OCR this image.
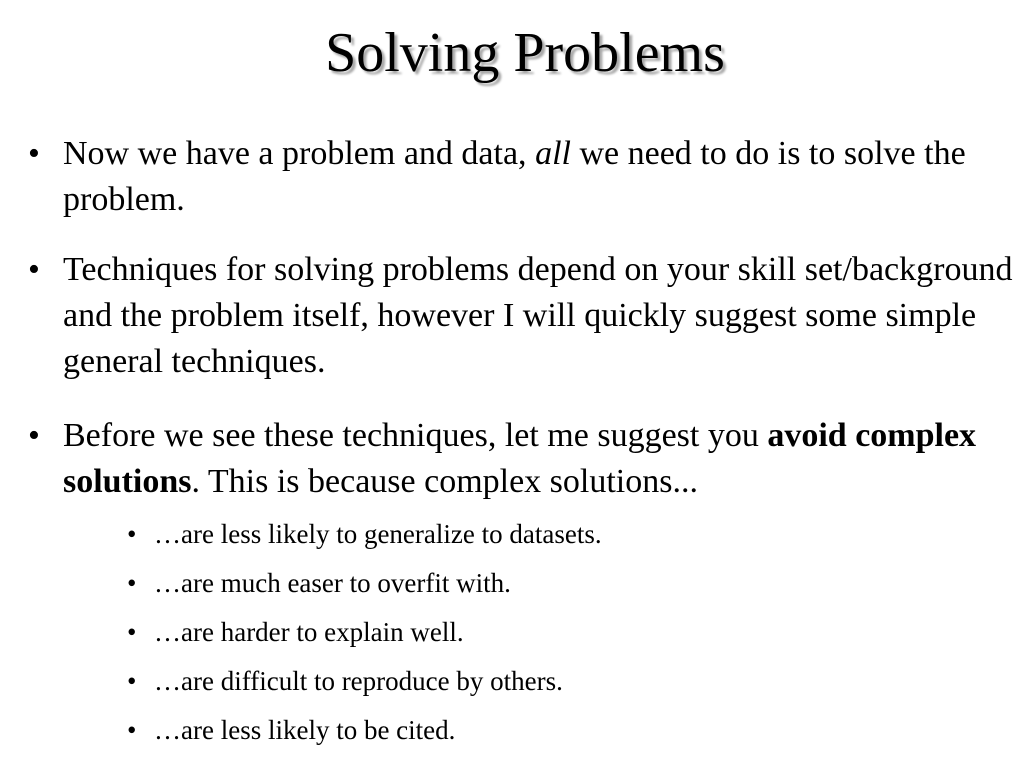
Solving Problems
• Now we have a problem and data, all we need to do is to solve the problem.
• Techniques for solving problems depend on your skill set/background and the problem itself, however I will quickly suggest some simple general techniques.
• Before we see these techniques, let me suggest you avoid complex solutions. This is because complex solutions...
• …are less likely to generalize to datasets.
• …are much easer to overfit with.
• …are harder to explain well.
• …are difficult to reproduce by others.
• …are less likely to be cited.
